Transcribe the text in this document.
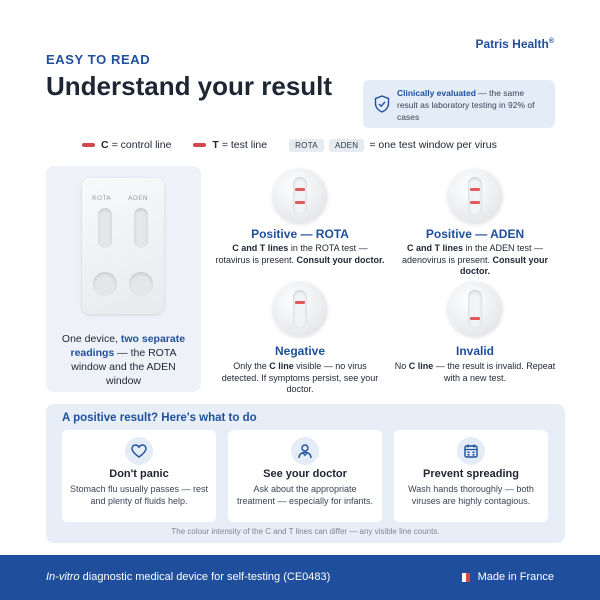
EASY TO READ
Understand your result
Patris Health®
Clinically evaluated — the same result as laboratory testing in 92% of cases
C = control line	T = test line	ROTA	ADEN	= one test window per virus
ROTA	ADEN
One device, two separate readings — the ROTA window and the ADEN window
Positive — ROTA
C and T lines in the ROTA test — rotavirus is present. Consult your doctor.
Positive — ADEN
C and T lines in the ADEN test — adenovirus is present. Consult your doctor.
Negative
Only the C line visible — no virus detected. If symptoms persist, see your doctor.
Invalid
No C line — the result is invalid. Repeat with a new test.
A positive result? Here's what to do
Don't panic
Stomach flu usually passes — rest and plenty of fluids help.
See your doctor
Ask about the appropriate treatment — especially for infants.
Prevent spreading
Wash hands thoroughly — both viruses are highly contagious.
The colour intensity of the C and T lines can differ — any visible line counts.
In-vitro diagnostic medical device for self-testing (CE0483)	Made in France
